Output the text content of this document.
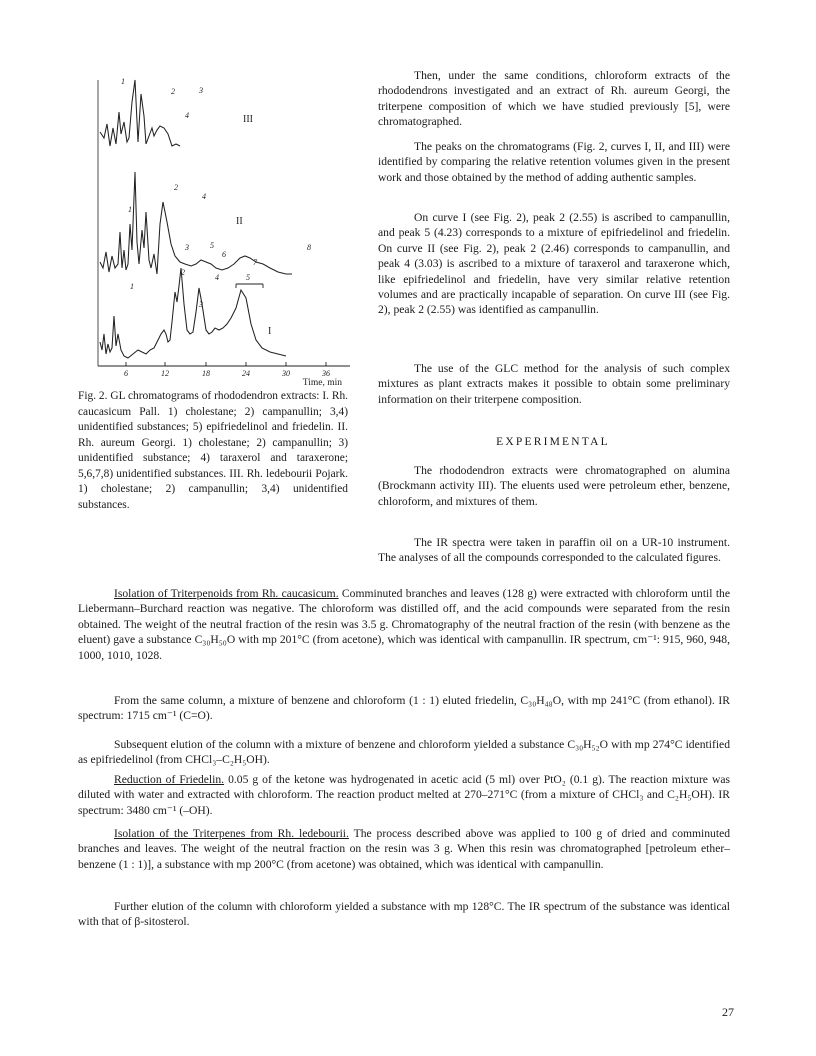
6	12	18	24	30	36
Time, min
III
II
I
1
2	3
4
1
2
3
4
5
6
7
8
1
2
3
4	5

Fig. 2. GL chromatograms of rhododendron extracts: I. Rh. caucasicum Pall. 1) cholestane; 2) campanullin; 3,4) unidentified substances; 5) epifriedelinol and friedelin. II. Rh. aureum Georgi. 1) cholestane; 2) campanullin; 3) unidentified substance; 4) taraxerol and taraxerone; 5,6,7,8) unidentified substances. III. Rh. ledebourii Pojark. 1) cholestane; 2) campanullin; 3,4) unidentified substances.

Then, under the same conditions, chloroform extracts of the rhododendrons investigated and an extract of Rh. aureum Georgi, the triterpene composition of which we have studied previously [5], were chromatographed.

The peaks on the chromatograms (Fig. 2, curves I, II, and III) were identified by comparing the relative retention volumes given in the present work and those obtained by the method of adding authentic samples.

On curve I (see Fig. 2), peak 2 (2.55) is ascribed to campanullin, and peak 5 (4.23) corresponds to a mixture of epifriedelinol and friedelin. On curve II (see Fig. 2), peak 2 (2.46) corresponds to campanullin, and peak 4 (3.03) is ascribed to a mixture of taraxerol and taraxerone which, like epifriedelinol and friedelin, have very similar relative retention volumes and are practically incapable of separation. On curve III (see Fig. 2), peak 2 (2.55) was identified as campanullin.

The use of the GLC method for the analysis of such complex mixtures as plant extracts makes it possible to obtain some preliminary information on their triterpene composition.

EXPERIMENTAL

The rhododendron extracts were chromatographed on alumina (Brockmann activity III). The eluents used were petroleum ether, benzene, chloroform, and mixtures of them.

The IR spectra were taken in paraffin oil on a UR-10 instrument. The analyses of all the compounds corresponded to the calculated figures.

Isolation of Triterpenoids from Rh. caucasicum. Comminuted branches and leaves (128 g) were extracted with chloroform until the Liebermann–Burchard reaction was negative. The chloroform was distilled off, and the acid compounds were separated from the resin obtained. The weight of the neutral fraction of the resin was 3.5 g. Chromatography of the neutral fraction of the resin (with benzene as the eluent) gave a substance C₃₀H₅₀O with mp 201°C (from acetone), which was identical with campanullin. IR spectrum, cm⁻¹: 915, 960, 948, 1000, 1010, 1028.

From the same column, a mixture of benzene and chloroform (1 : 1) eluted friedelin, C₃₀H₄₈O, with mp 241°C (from ethanol). IR spectrum: 1715 cm⁻¹ (C=O).

Subsequent elution of the column with a mixture of benzene and chloroform yielded a substance C₃₀H₅₂O with mp 274°C identified as epifriedelinol (from CHCl₃–C₂H₅OH).

Reduction of Friedelin. 0.05 g of the ketone was hydrogenated in acetic acid (5 ml) over PtO₂ (0.1 g). The reaction mixture was diluted with water and extracted with chloroform. The reaction product melted at 270–271°C (from a mixture of CHCl₃ and C₂H₅OH). IR spectrum: 3480 cm⁻¹ (–OH).

Isolation of the Triterpenes from Rh. ledebourii. The process described above was applied to 100 g of dried and comminuted branches and leaves. The weight of the neutral fraction on the resin was 3 g. When this resin was chromatographed [petroleum ether–benzene (1 : 1)], a substance with mp 200°C (from acetone) was obtained, which was identical with campanullin.

Further elution of the column with chloroform yielded a substance with mp 128°C. The IR spectrum of the substance was identical with that of β-sitosterol.

27
